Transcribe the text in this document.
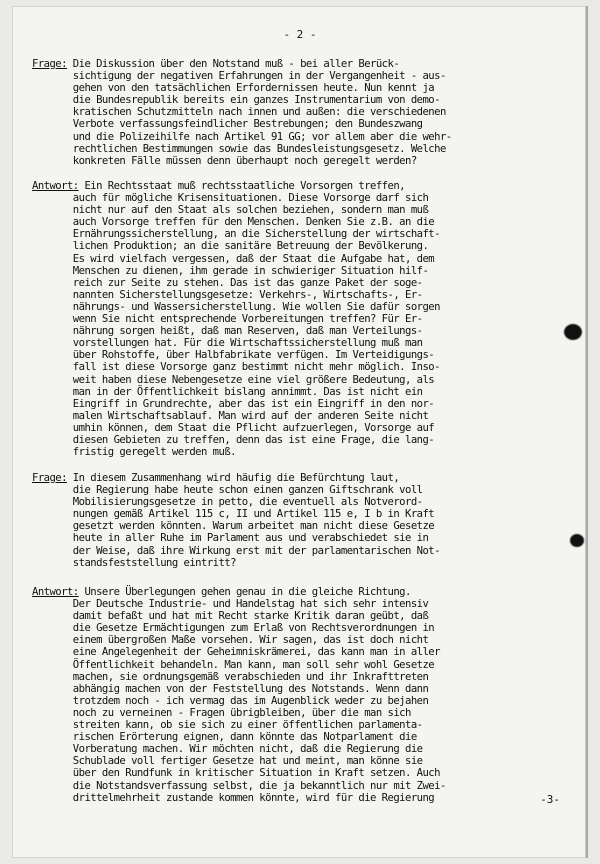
- 2 -
Frage: Die Diskussion über den Notstand muß - bei aller Berück-
sichtigung der negativen Erfahrungen in der Vergangenheit - aus-
gehen von den tatsächlichen Erfordernissen heute. Nun kennt ja
die Bundesrepublik bereits ein ganzes Instrumentarium von demo-
kratischen Schutzmitteln nach innen und außen: die verschiedenen
Verbote verfassungsfeindlicher Bestrebungen; den Bundeszwang
und die Polizeihilfe nach Artikel 91 GG; vor allem aber die wehr-
rechtlichen Bestimmungen sowie das Bundesleistungsgesetz. Welche
konkreten Fälle müssen denn überhaupt noch geregelt werden?
Antwort: Ein Rechtsstaat muß rechtsstaatliche Vorsorgen treffen,
auch für mögliche Krisensituationen. Diese Vorsorge darf sich
nicht nur auf den Staat als solchen beziehen, sondern man muß
auch Vorsorge treffen für den Menschen. Denken Sie z.B. an die
Ernährungssicherstellung, an die Sicherstellung der wirtschaft-
lichen Produktion; an die sanitäre Betreuung der Bevölkerung.
Es wird vielfach vergessen, daß der Staat die Aufgabe hat, dem
Menschen zu dienen, ihm gerade in schwieriger Situation hilf-
reich zur Seite zu stehen. Das ist das ganze Paket der soge-
nannten Sicherstellungsgesetze: Verkehrs-, Wirtschafts-, Er-
nährungs- und Wassersicherstellung. Wie wollen Sie dafür sorgen
wenn Sie nicht entsprechende Vorbereitungen treffen? Für Er-
nährung sorgen heißt, daß man Reserven, daß man Verteilungs-
vorstellungen hat. Für die Wirtschaftssicherstellung muß man
über Rohstoffe, über Halbfabrikate verfügen. Im Verteidigungs-
fall ist diese Vorsorge ganz bestimmt nicht mehr möglich. Inso-
weit haben diese Nebengesetze eine viel größere Bedeutung, als
man in der Öffentlichkeit bislang annimmt. Das ist nicht ein
Eingriff in Grundrechte, aber das ist ein Eingriff in den nor-
malen Wirtschaftsablauf. Man wird auf der anderen Seite nicht
umhin können, dem Staat die Pflicht aufzuerlegen, Vorsorge auf
diesen Gebieten zu treffen, denn das ist eine Frage, die lang-
fristig geregelt werden muß.
Frage: In diesem Zusammenhang wird häufig die Befürchtung laut,
die Regierung habe heute schon einen ganzen Giftschrank voll
Mobilisierungsgesetze in petto, die eventuell als Notverord-
nungen gemäß Artikel 115 c, II und Artikel 115 e, I b in Kraft
gesetzt werden könnten. Warum arbeitet man nicht diese Gesetze
heute in aller Ruhe im Parlament aus und verabschiedet sie in
der Weise, daß ihre Wirkung erst mit der parlamentarischen Not-
standsfeststellung eintritt?
Antwort: Unsere Überlegungen gehen genau in die gleiche Richtung.
Der Deutsche Industrie- und Handelstag hat sich sehr intensiv
damit befaßt und hat mit Recht starke Kritik daran geübt, daß
die Gesetze Ermächtigungen zum Erlaß von Rechtsverordnungen in
einem übergroßen Maße vorsehen. Wir sagen, das ist doch nicht
eine Angelegenheit der Geheimniskrämerei, das kann man in aller
Öffentlichkeit behandeln. Man kann, man soll sehr wohl Gesetze
machen, sie ordnungsgemäß verabschieden und ihr Inkrafttreten
abhängig machen von der Feststellung des Notstands. Wenn dann
trotzdem noch - ich vermag das im Augenblick weder zu bejahen
noch zu verneinen - Fragen übrigbleiben, über die man sich
streiten kann, ob sie sich zu einer öffentlichen parlamenta-
rischen Erörterung eignen, dann könnte das Notparlament die
Vorberatung machen. Wir möchten nicht, daß die Regierung die
Schublade voll fertiger Gesetze hat und meint, man könne sie
über den Rundfunk in kritischer Situation in Kraft setzen. Auch
die Notstandsverfassung selbst, die ja bekanntlich nur mit Zwei-
drittelmehrheit zustande kommen könnte, wird für die Regierung	-3-
